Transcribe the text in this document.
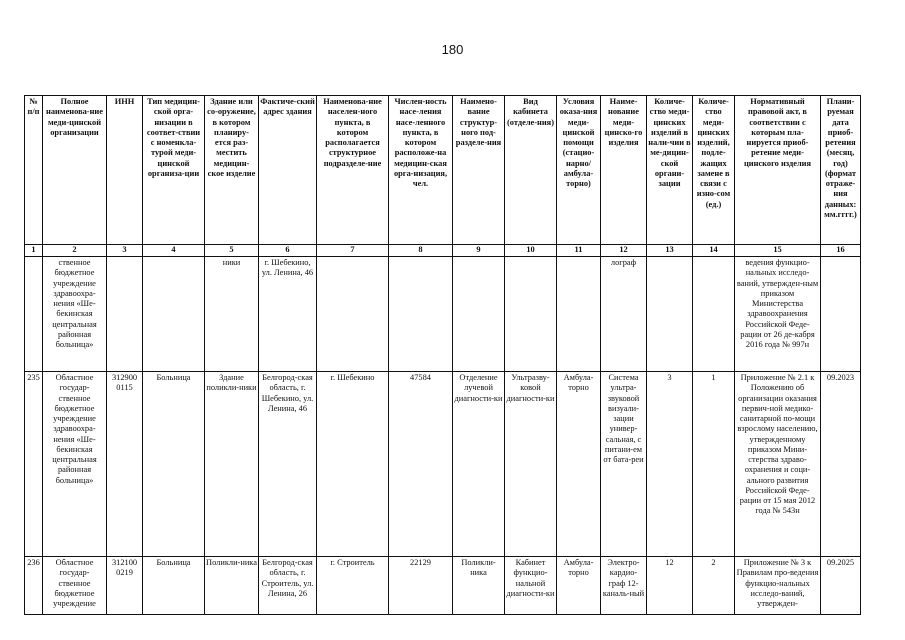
180
№ п/п	Полное наименова-ние меди-цинской организации	ИНН	Тип медицин-ской орга-низации в соответ-ствии с номенкла-турой меди-цинской организа-ции	Здание или со-оружение, в котором планиру-ется раз-местить медицин-ское изделие	Фактиче-ский адрес здания	Наименова-ние населен-ного пункта, в котором располагается структурное подразделе-ние	Числен-ность насе-ления насе-ленного пункта, в котором расположе-на медицин-ская орга-низация, чел.	Наимено-вание структур-ного под-разделе-ния	Вид кабинета (отделе-ния)	Условия оказа-ния меди-цинской помощи (стацио-нарно/ амбула-торно)	Наиме-нование меди-цинско-го изделия	Количе-ство меди-цинских изделий в нали-чии в ме-дицин-ской органи-зации	Количе-ство меди-цинских изделий, подле-жащих замене в связи с изно-сом (ед.)	Нормативный правовой акт, в соответствии с которым пла-нируется приоб-ретение меди-цинского изделия	Плани-руемая дата приоб-ретения (месяц, год) (формат отраже-ния данных: мм.гггг.)
1	2	3	4	5	6	7	8	9	10	11	12	13	14	15	16
	ственное бюджетное учреждение здравоохра-нения «Ше-бекинская центральная районная больница»			ники	г. Шебекино, ул. Ленина, 46						лограф			ведения функцио-нальных исследо-ваний, утвержден-ным приказом Министерства здравоохранения Российской Феде-рации от 26 де-кабря 2016 года № 997н	
235	Областное государ-ственное бюджетное учреждение здравоохра-нения «Ше-бекинская центральная районная больница»	312900 0115	Больница	Здание поликли-ники	Белгород-ская область, г. Шебекино, ул. Ленина, 46	г. Шебекино	47584	Отделение лучевой диагности-ки	Ультразву-ковой диагности-ки	Амбула-торно	Система ультра-звуковой визуали-зации универ-сальная, с питани-ем от бата-реи	3	1	Приложение № 2.1 к Положению об организации оказания первич-ной медико-санитарной по-мощи взрослому населению, утвержденному приказом Мини-стерства здраво-охранения и соци-ального развития Российской Феде-рации от 15 мая 2012 года № 543н	09.2023
236	Областное государ-ственное бюджетное учреждение	312100 0219	Больница	Поликли-ника	Белгород-ская область, г. Строитель, ул. Ленина, 26	г. Строитель	22129	Поликли-ника	Кабинет функцио-нальной диагности-ки	Амбула-торно	Электро-кардио-граф 12-каналь-ный	12	2	Приложение № 3 к Правилам про-ведения функцио-нальных исследо-ваний, утвержден-	09.2025
